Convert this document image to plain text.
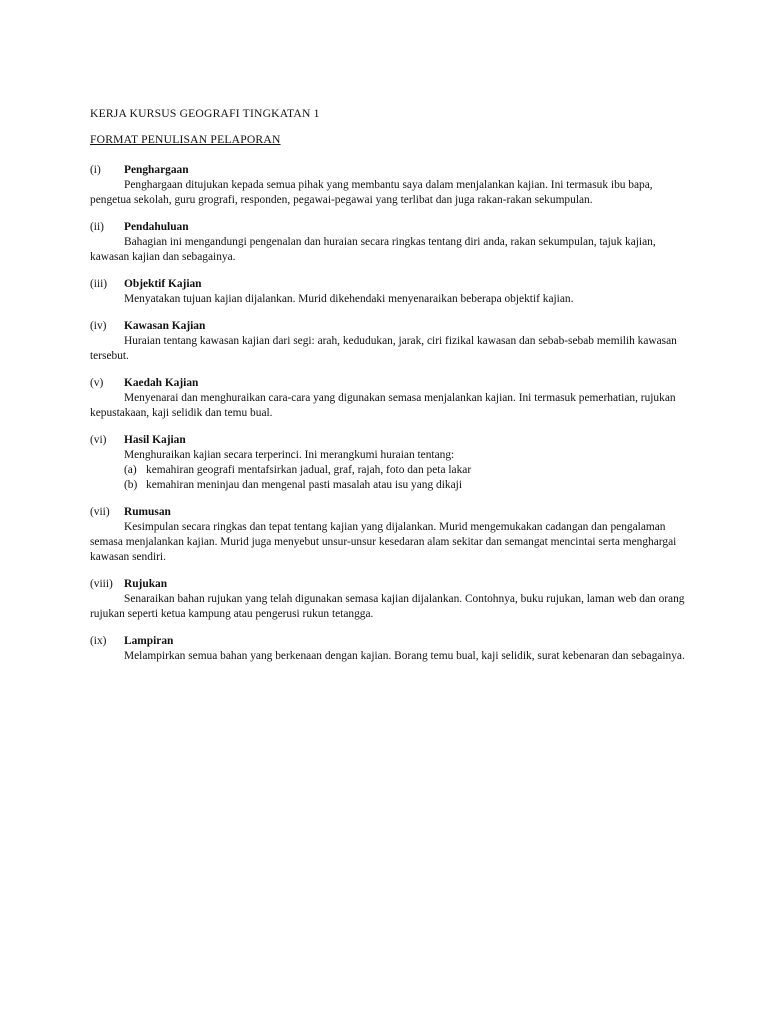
KERJA KURSUS GEOGRAFI TINGKATAN 1
FORMAT PENULISAN PELAPORAN
(i) Penghargaan

Penghargaan ditujukan kepada semua pihak yang membantu saya dalam menjalankan kajian. Ini termasuk ibu bapa, pengetua sekolah, guru grografi, responden, pegawai-pegawai yang terlibat dan juga rakan-rakan sekumpulan.

(ii) Pendahuluan

Bahagian ini mengandungi pengenalan dan huraian secara ringkas tentang diri anda, rakan sekumpulan, tajuk kajian, kawasan kajian dan sebagainya.

(iii) Objektif Kajian

Menyatakan tujuan kajian dijalankan. Murid dikehendaki menyenaraikan beberapa objektif kajian.

(iv) Kawasan Kajian

Huraian tentang kawasan kajian dari segi: arah, kedudukan, jarak, ciri fizikal kawasan dan sebab-sebab memilih kawasan tersebut.

(v) Kaedah Kajian

Menyenarai dan menghuraikan cara-cara yang digunakan semasa menjalankan kajian. Ini termasuk pemerhatian, rujukan kepustakaan, kaji selidik dan temu bual.

(vi) Hasil Kajian

Menghuraikan kajian secara terperinci. Ini merangkumi huraian tentang:

(a) kemahiran geografi mentafsirkan jadual, graf, rajah, foto dan peta lakar
(b) kemahiran meninjau dan mengenal pasti masalah atau isu yang dikaji
(vii) Rumusan

Kesimpulan secara ringkas dan tepat tentang kajian yang dijalankan. Murid mengemukakan cadangan dan pengalaman semasa menjalankan kajian. Murid juga menyebut unsur-unsur kesedaran alam sekitar dan semangat mencintai serta menghargai kawasan sendiri.

(viii) Rujukan

Senaraikan bahan rujukan yang telah digunakan semasa kajian dijalankan. Contohnya, buku rujukan, laman web dan orang rujukan seperti ketua kampung atau pengerusi rukun tetangga.

(ix) Lampiran

Melampirkan semua bahan yang berkenaan dengan kajian. Borang temu bual, kaji selidik, surat kebenaran dan sebagainya.
